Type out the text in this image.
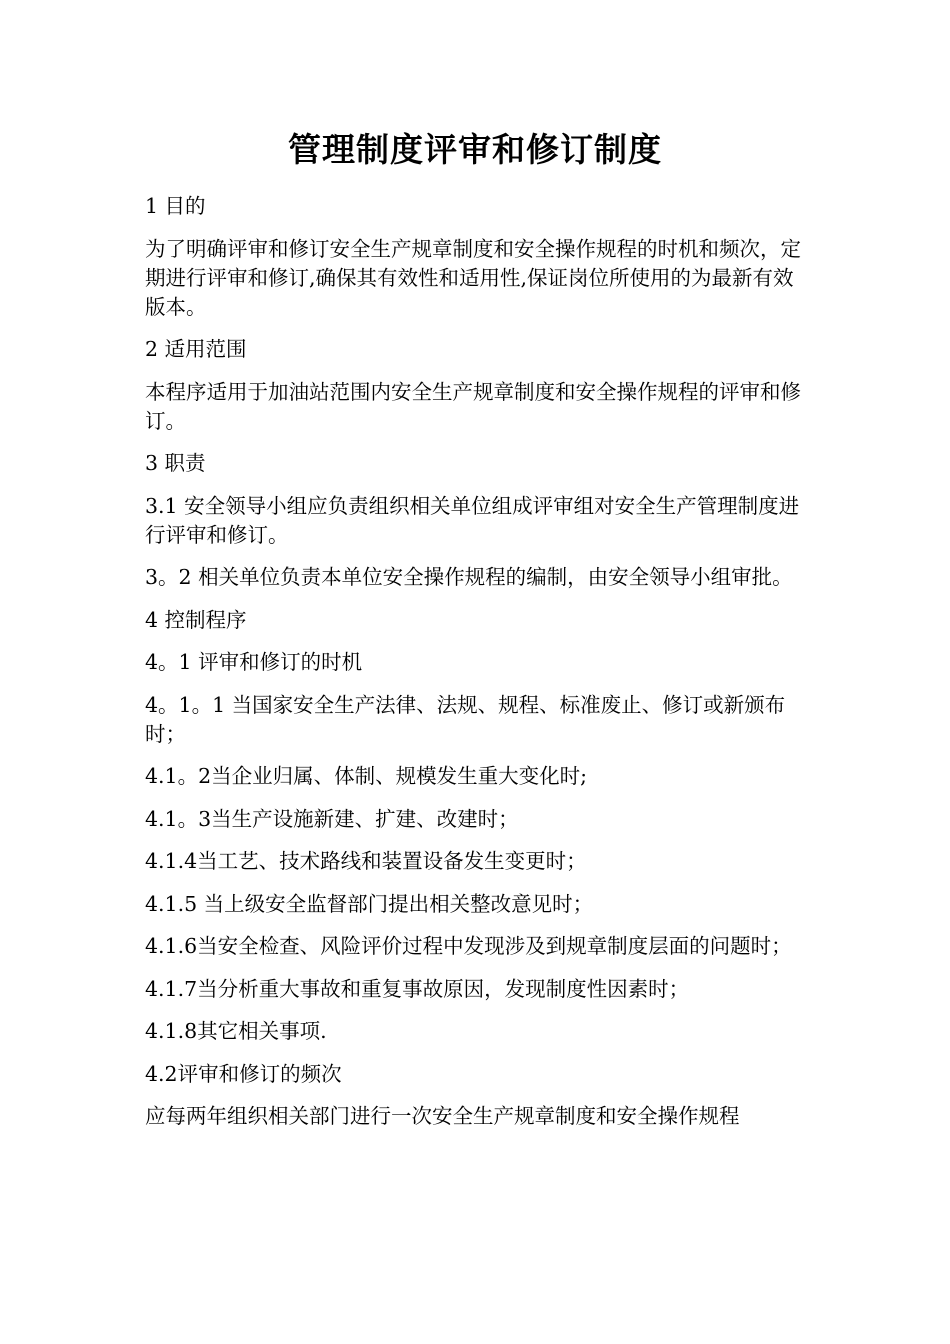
管理制度评审和修订制度

1 目的

为了明确评审和修订安全生产规章制度和安全操作规程的时机和频次，定期进行评审和修订,确保其有效性和适用性,保证岗位所使用的为最新有效版本。

2 适用范围

本程序适用于加油站范围内安全生产规章制度和安全操作规程的评审和修订。

3 职责

3.1 安全领导小组应负责组织相关单位组成评审组对安全生产管理制度进行评审和修订。

3。2 相关单位负责本单位安全操作规程的编制，由安全领导小组审批。

4 控制程序

4。1 评审和修订的时机

4。1。1 当国家安全生产法律、法规、规程、标准废止、修订或新颁布时；

4.1。2当企业归属、体制、规模发生重大变化时;

4.1。3当生产设施新建、扩建、改建时；

4.1.4当工艺、技术路线和装置设备发生变更时；

4.1.5 当上级安全监督部门提出相关整改意见时；

4.1.6当安全检查、风险评价过程中发现涉及到规章制度层面的问题时；

4.1.7当分析重大事故和重复事故原因，发现制度性因素时；

4.1.8其它相关事项.

4.2评审和修订的频次

应每两年组织相关部门进行一次安全生产规章制度和安全操作规程
